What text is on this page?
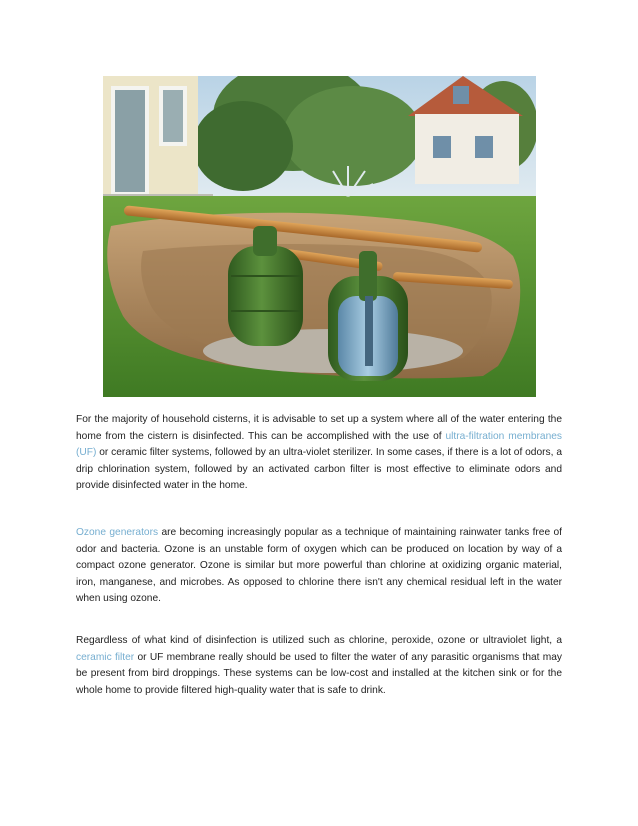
For the majority of household cisterns, it is advisable to set up a system where all of the water entering the home from the cistern is disinfected. This can be accomplished with the use of ultra-filtration membranes (UF) or ceramic filter systems, followed by an ultra-violet sterilizer. In some cases, if there is a lot of odors, a drip chlorination system, followed by an activated carbon filter is most effective to eliminate odors and provide disinfected water in the home.

Ozone generators are becoming increasingly popular as a technique of maintaining rainwater tanks free of odor and bacteria. Ozone is an unstable form of oxygen which can be produced on location by way of a compact ozone generator. Ozone is similar but more powerful than chlorine at oxidizing organic material, iron, manganese, and microbes. As opposed to chlorine there isn't any chemical residual left in the water when using ozone.

Regardless of what kind of disinfection is utilized such as chlorine, peroxide, ozone or ultraviolet light, a ceramic filter or UF membrane really should be used to filter the water of any parasitic organisms that may be present from bird droppings. These systems can be low-cost and installed at the kitchen sink or for the whole home to provide filtered high-quality water that is safe to drink.
